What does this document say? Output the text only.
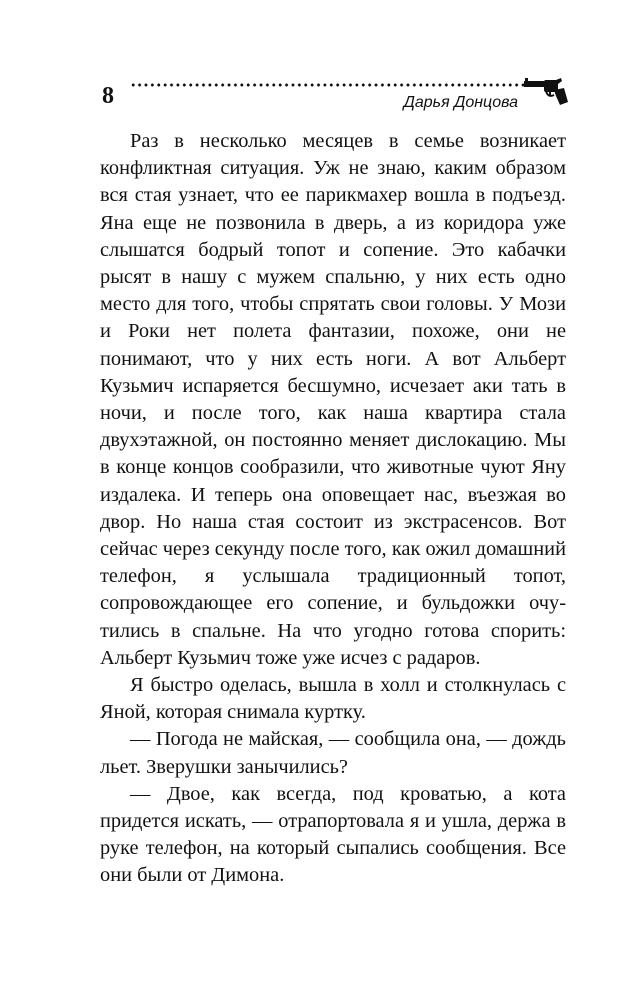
8	Дарья Донцова

Раз в несколько месяцев в семье возникает конфликтная ситуация. Уж не знаю, каким образом вся стая узнает, что ее парикмахер вошла в подъезд. Яна еще не позвонила в дверь, а из коридора уже слышатся бодрый топот и сопение. Это кабачки рысят в нашу с мужем спальню, у них есть одно место для того, чтобы спрятать свои головы. У Мози и Роки нет полета фантазии, похоже, они не понимают, что у них есть ноги. А вот Альберт Кузьмич испаряется бесшумно, исчезает аки тать в ночи, и после того, как наша квартира стала двухэтажной, он постоянно меняет дислокацию. Мы в конце концов сообразили, что животные чуют Яну издалека. И теперь она оповещает нас, въезжая во двор. Но наша стая состоит из экстрасенсов. Вот сейчас через секунду после того, как ожил домашний телефон, я услышала традиционный топот, сопровождающее его сопение, и бульдожки очутились в спальне. На что угодно готова спорить: Альберт Кузьмич тоже уже исчез с радаров.

Я быстро оделась, вышла в холл и столкнулась с Яной, которая снимала куртку.

— Погода не майская, — сообщила она, — дождь льет. Зверушки занычились?

— Двое, как всегда, под кроватью, а кота придется искать, — отрапортовала я и ушла, держа в руке телефон, на который сыпались сообщения. Все они были от Димона.
